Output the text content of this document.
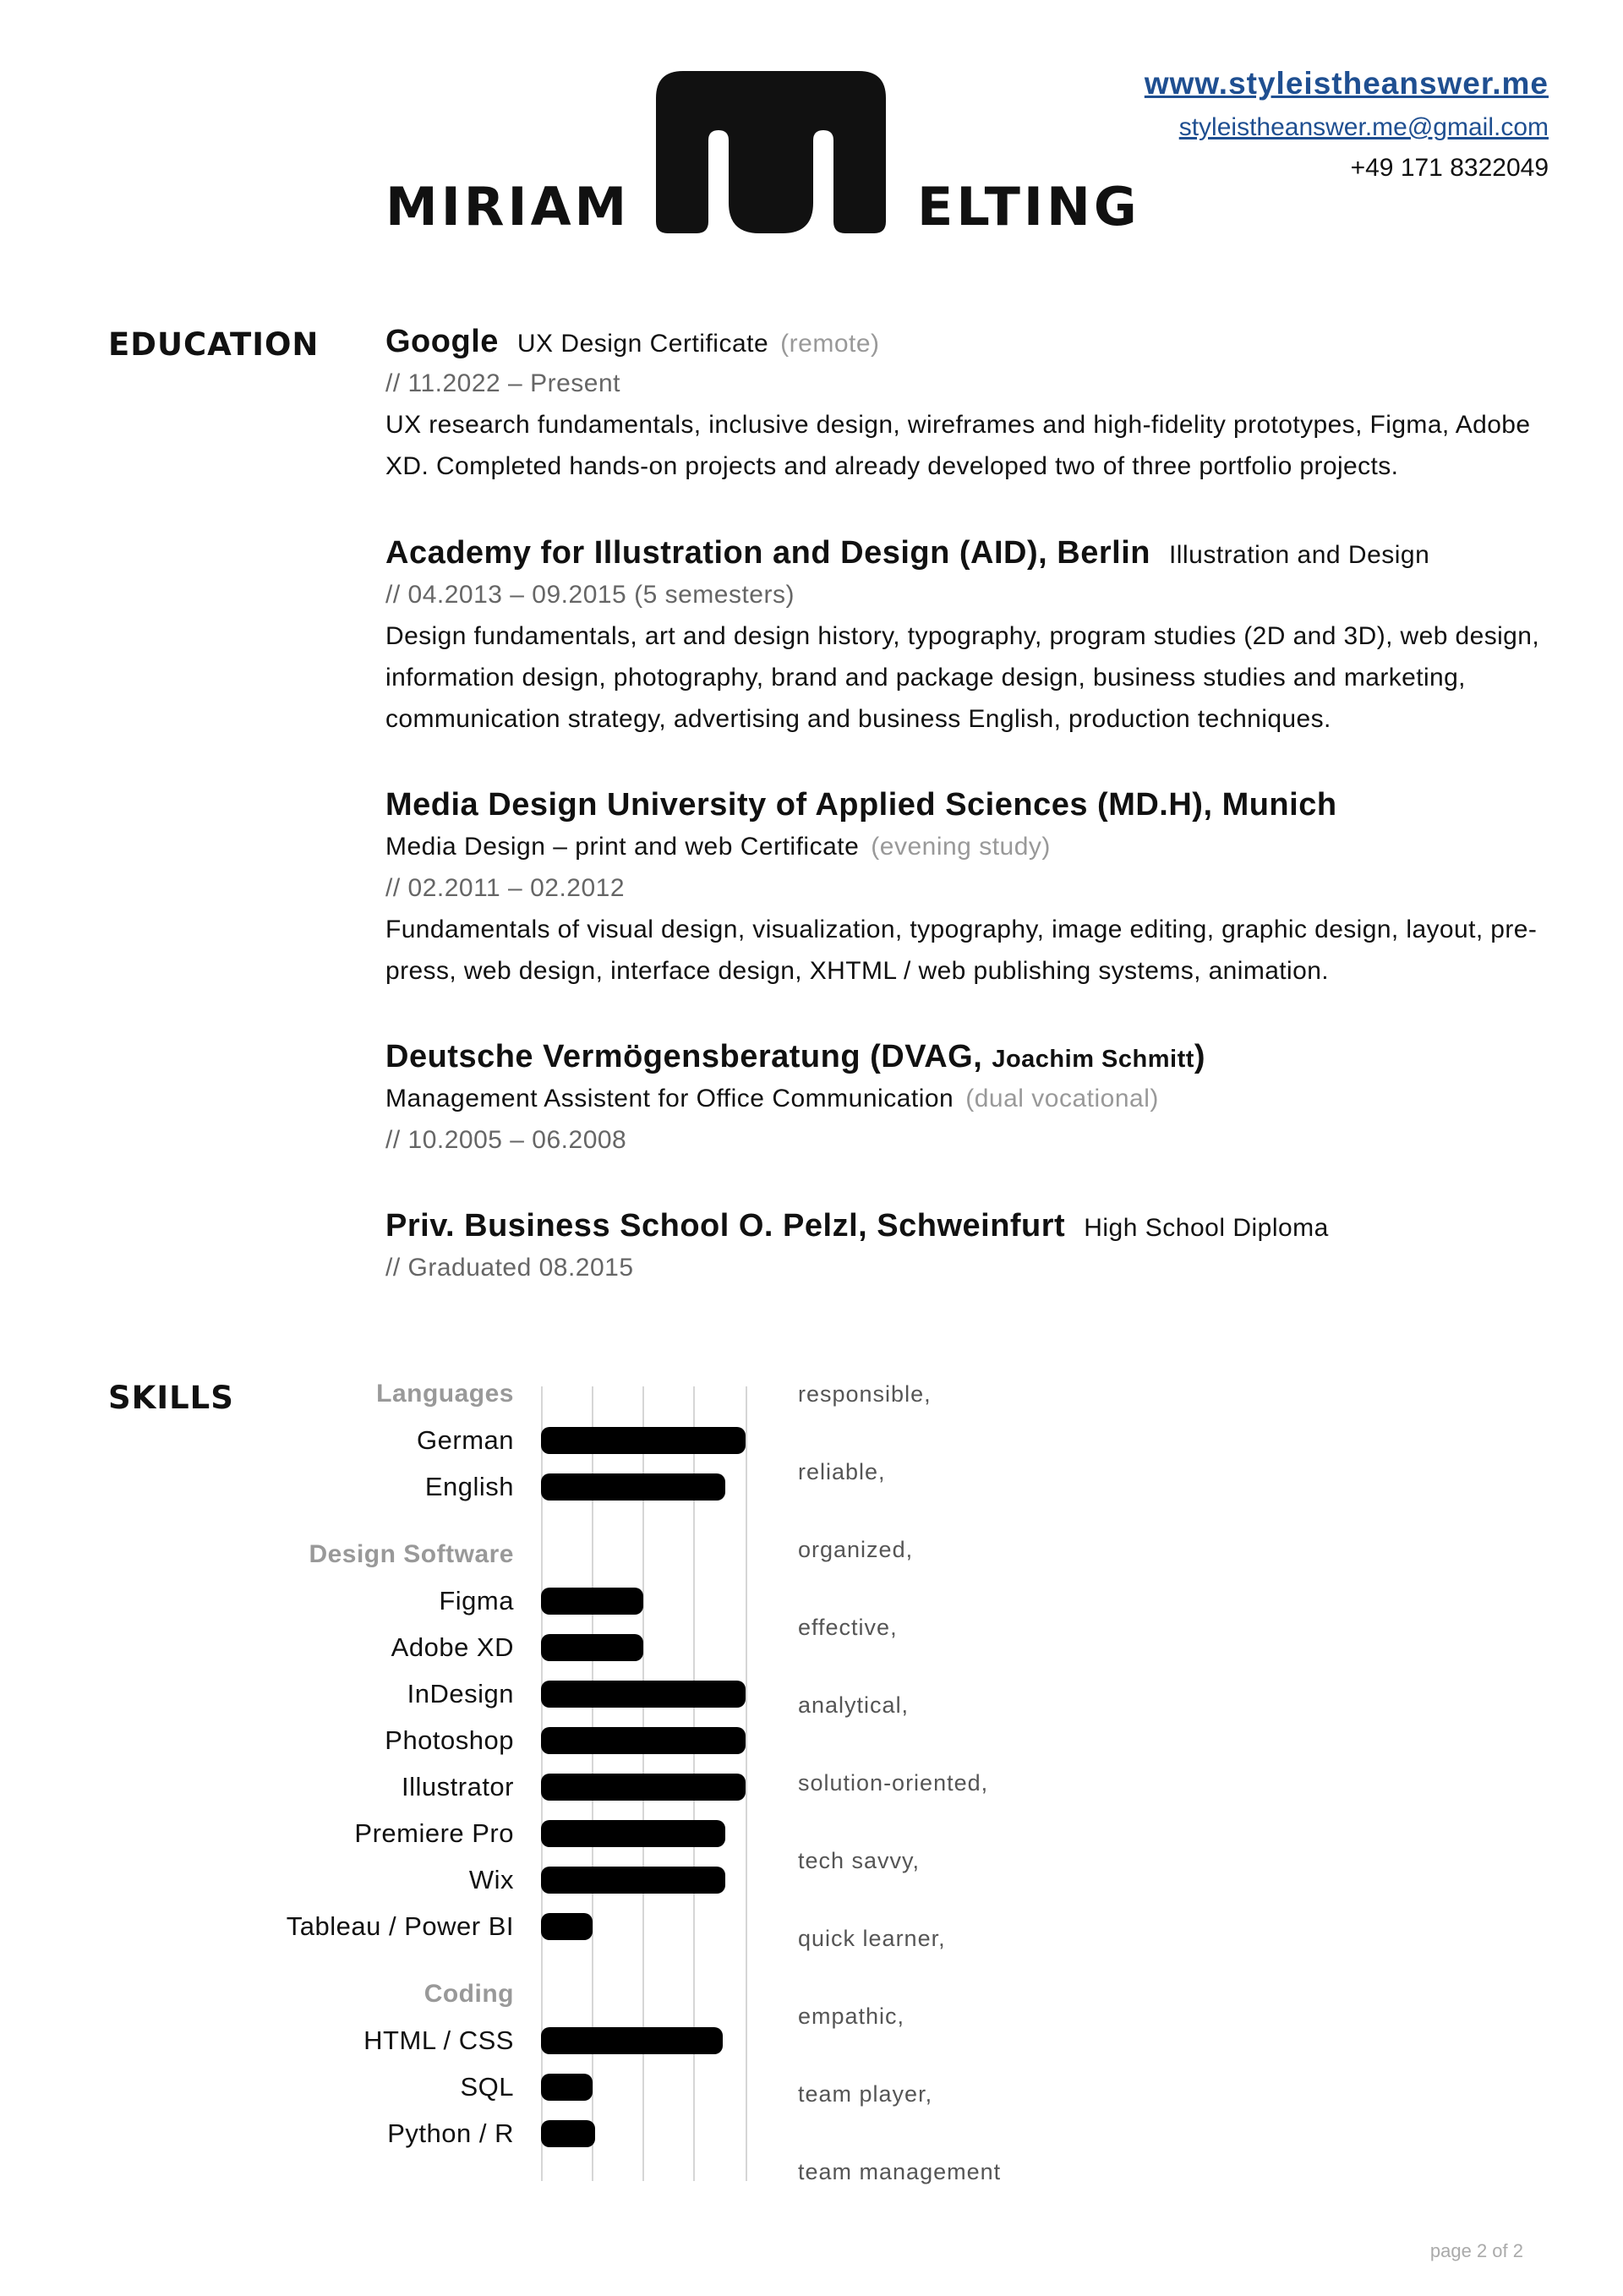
MIRIAM	ELTING
www.styleistheanswer.me
styleistheanswer.me@gmail.com
+49 171 8322049
EDUCATION Google UX Design Certificate (remote)
// 11.2022 – Present
UX research fundamentals, inclusive design, wireframes and high-fidelity prototypes, Figma, Adobe XD. Completed hands-on projects and already developed two of three portfolio projects.
Academy for Illustration and Design (AID), Berlin Illustration and Design
// 04.2013 – 09.2015 (5 semesters)
Design fundamentals, art and design history, typography, program studies (2D and 3D), web design, information design, photography, brand and package design, business studies and marketing, communication strategy, advertising and business English, production techniques.
Media Design University of Applied Sciences (MD.H), Munich
Media Design – print and web Certificate (evening study)
// 02.2011 – 02.2012
Fundamentals of visual design, visualization, typography, image editing, graphic design, layout, pre-press, web design, interface design, XHTML / web publishing systems, animation.
Deutsche Vermögensberatung (DVAG, Joachim Schmitt)
Management Assistent for Office Communication (dual vocational)
// 10.2005 – 06.2008
Priv. Business School O. Pelzl, Schweinfurt High School Diploma
// Graduated 08.2015
SKILLS	Languages
German
English
Design Software
Figma
Adobe XD
InDesign
Photoshop
Illustrator
Premiere Pro
Wix
Tableau / Power BI
Coding
HTML / CSS
SQL
Python / R
responsible,
reliable,
organized,
effective,
analytical,
solution-oriented,
tech savvy,
quick learner,
empathic,
team player,
team management
page 2 of 2
